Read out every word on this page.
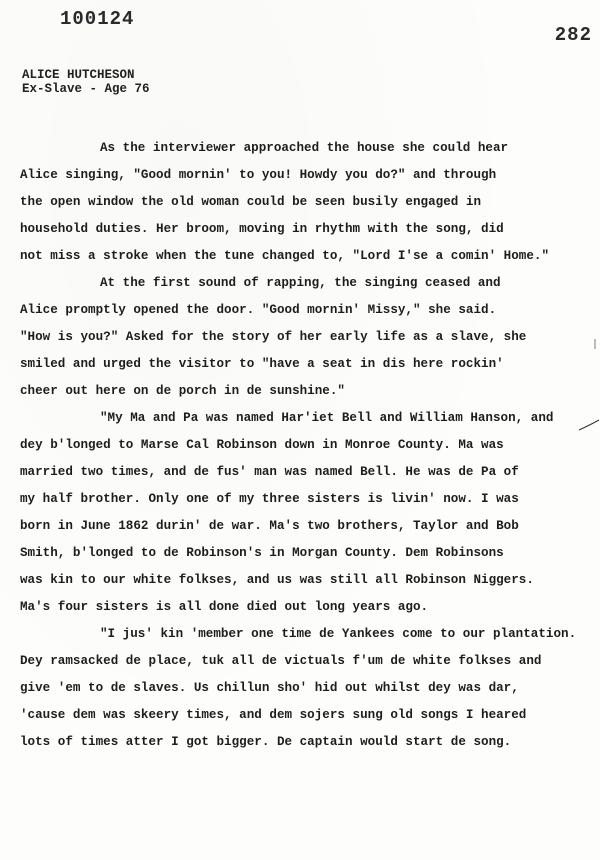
100124
282
ALICE HUTCHESON
Ex-Slave - Age 76

As the interviewer approached the house she could hear
Alice singing, "Good mornin' to you! Howdy you do?" and through
the open window the old woman could be seen busily engaged in
household duties. Her broom, moving in rhythm with the song, did
not miss a stroke when the tune changed to, "Lord I'se a comin' Home."

At the first sound of rapping, the singing ceased and
Alice promptly opened the door. "Good mornin' Missy," she said.
"How is you?" Asked for the story of her early life as a slave, she
smiled and urged the visitor to "have a seat in dis here rockin'
cheer out here on de porch in de sunshine."

"My Ma and Pa was named Har'iet Bell and William Hanson, and
dey b'longed to Marse Cal Robinson down in Monroe County. Ma was
married two times, and de fus' man was named Bell. He was de Pa of
my half brother. Only one of my three sisters is livin' now. I was
born in June 1862 durin' de war. Ma's two brothers, Taylor and Bob
Smith, b'longed to de Robinson's in Morgan County. Dem Robinsons
was kin to our white folkses, and us was still all Robinson Niggers.
Ma's four sisters is all done died out long years ago.

"I jus' kin 'member one time de Yankees come to our plantation.
Dey ramsacked de place, tuk all de victuals f'um de white folkses and
give 'em to de slaves. Us chillun sho' hid out whilst dey was dar,
'cause dem was skeery times, and dem sojers sung old songs I heared
lots of times atter I got bigger. De captain would start de song.
